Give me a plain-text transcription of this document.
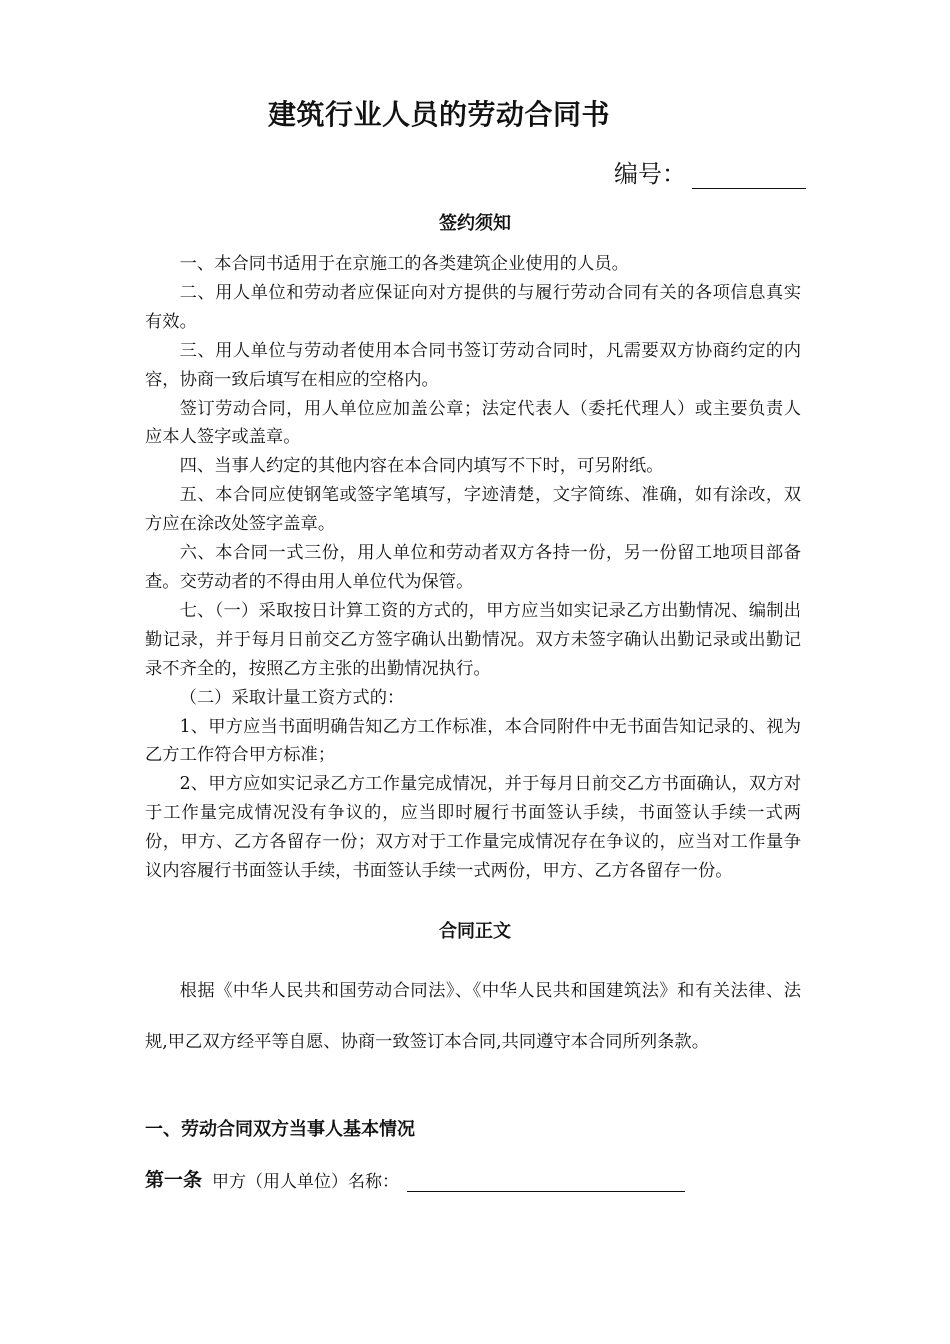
建筑行业人员的劳动合同书
编号：
签约须知

一、本合同书适用于在京施工的各类建筑企业使用的人员。

二、用人单位和劳动者应保证向对方提供的与履行劳动合同有关的各项信息真实有效。

三、用人单位与劳动者使用本合同书签订劳动合同时，凡需要双方协商约定的内容，协商一致后填写在相应的空格内。

签订劳动合同，用人单位应加盖公章；法定代表人（委托代理人）或主要负责人应本人签字或盖章。

四、当事人约定的其他内容在本合同内填写不下时，可另附纸。

五、本合同应使钢笔或签字笔填写，字迹清楚，文字简练、准确，如有涂改，双方应在涂改处签字盖章。

六、本合同一式三份，用人单位和劳动者双方各持一份，另一份留工地项目部备查。交劳动者的不得由用人单位代为保管。

七、（一）采取按日计算工资的方式的，甲方应当如实记录乙方出勤情况、编制出勤记录，并于每月日前交乙方签字确认出勤情况。双方未签字确认出勤记录或出勤记录不齐全的，按照乙方主张的出勤情况执行。

（二）采取计量工资方式的：

1、甲方应当书面明确告知乙方工作标准，本合同附件中无书面告知记录的、视为乙方工作符合甲方标准；

2、甲方应如实记录乙方工作量完成情况，并于每月日前交乙方书面确认，双方对于工作量完成情况没有争议的，应当即时履行书面签认手续，书面签认手续一式两份，甲方、乙方各留存一份；双方对于工作量完成情况存在争议的，应当对工作量争议内容履行书面签认手续，书面签认手续一式两份，甲方、乙方各留存一份。

合同正文

根据《中华人民共和国劳动合同法》、《中华人民共和国建筑法》和有关法律、法规,甲乙双方经平等自愿、协商一致签订本合同,共同遵守本合同所列条款。

一、劳动合同双方当事人基本情况
第一条 甲方（用人单位）名称：
